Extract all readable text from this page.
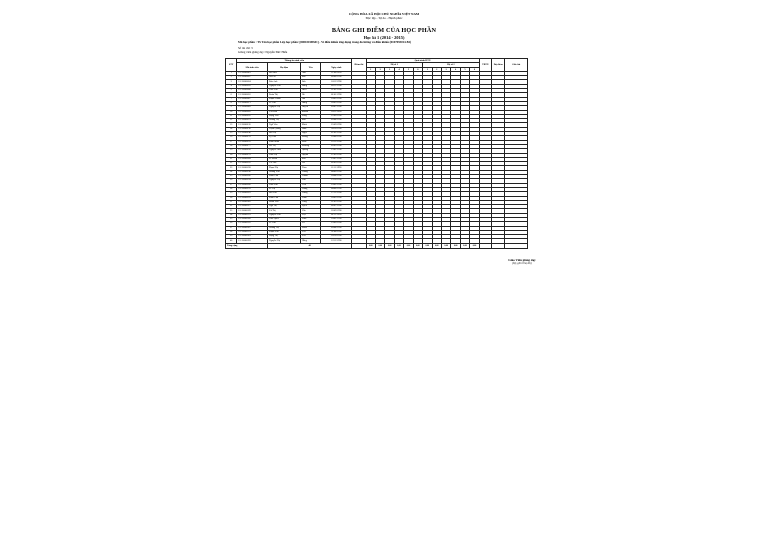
CỘNG HÒA XÃ HỘI CHỦ NGHĨA VIỆT NAM
Độc lập - Tự do - Hạnh phúc
BẢNG GHI ĐIỂM CỦA HỌC PHẦN
Học kì 1 (2014 - 2015)
Mã học phần : TS Tên học phần Lớp học phần: [0001001BS01] - Vi điều khiển ứng dụng trong đo lường và điều khiển (0107093014-B1)
Số tín chỉ: 3
Giảng viên giảng dạy: Nguyễn Đức Hiếu
STT	Thông tin sinh viên				Điểm thi	Quá trình HTX												TBTX	Dự điểm	Ghi chú
	Mã sinh viên	Họ đệm	Tên	Ngày sinh		Hệ số 1						Hệ số 2								
						1	2	3	4	5	6	1	2	3	4	5	6			
1	11112000001	Bùi Đức	Anh	11/08/1996																
2	11112000011	Hồ Phi	Bảo	06/08/1996																
3	11112000024	Đào Anh	Đức	10/12/1996																
4	11112000035	Nguyễn Văn	Dũng	06/12/1996																
5	11112000049	Trần Văn	Hiếu	21/01/1996																
6	11112000052	Đoàn Thị	Hà	01/01/1996																
7	11112000067	Phạm Thanh	Hải	14/03/1996																
8	11112000071	Lê Văn	Hùng	20/05/1996																
9	11112000083	Nguyễn Thị	Huyền	09/07/1996																
10	11112000095	Vũ Đình	Khánh	18/11/1996																
11	11112000102	Đặng Văn	Long	12/06/1996																
12	11112000114	Hoàng Thị	Mai	03/04/1996																
13	11112000126	Ngô Văn	Minh	25/09/1996																
14	11112000138	Trịnh Quang	Nam	30/10/1996																
15	11112000140	Bùi Thị	Ngọc	07/02/1996																
16	11112000153	Lý Văn	Phong	16/08/1996																
17	11112000165	Phan Minh	Phúc	22/12/1996																
18	11112000177	Đỗ Thị	Phương	05/05/1996																
19	11112000189	Nguyễn Hữu	Quang	13/01/1996																
20	11112000191	Trần Thị	Quỳnh	27/03/1996																
21	11112000204	Lê Minh	Sơn	19/07/1996																
22	11112000216	Vũ Văn	Tài	02/09/1996																
23	11112000228	Phạm Thị	Thảo	11/11/1996																
24	11112000230	Hoàng Văn	Thắng	08/06/1996																
25	11112000242	Đinh Văn	Thành	24/04/1996																
26	11112000254	Nguyễn Thị	Thu	15/10/1996																
27	11112000266	Trần Văn	Tiến	29/02/1996																
28	11112000278	Lê Thị	Trang	04/08/1996																
29	11112000281	Bùi Văn	Trung	17/12/1996																
30	11112000293	Phan Văn	Tuấn	10/03/1996																
31	11112000305	Đoàn Văn	Tùng	21/05/1996																
32	11112000317	Ngô Thị	Uyên	06/07/1996																
33	11112000329	Vũ Thị	Vân	26/09/1996																
34	11112000331	Nguyễn Văn	Việt	01/11/1996																
35	11112000343	Trần Quốc	Vinh	14/01/1996																
36	11112000355	Lê Văn	Vũ	23/06/1996																
37	11112000367	Hoàng Thị	Xuân	09/04/1996																
38	11112000379	Phạm Văn	Yên	31/08/1996																
39	11112000381	Đặng Thị	Yến	18/10/1996																
40	11112000393	Nguyễn Thị	Hằng	12/12/1996																
Tổng cộng		40				0,00	0,00	0,00	0,00	0,00	0,00	0,00	0,00	0,00	0,00	0,00	0,00			
Giáo Viên giảng dạy
(Ký, ghi rõ họ tên)
